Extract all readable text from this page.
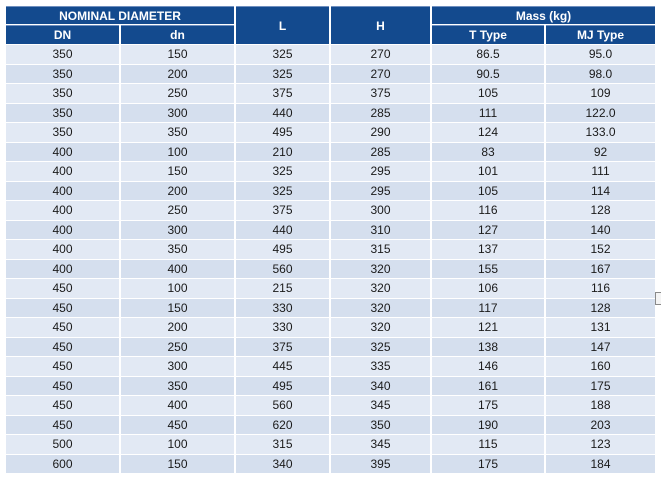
NOMINAL DIAMETER		L	H	Mass (kg)	
DN	dn			T Type	MJ Type
350	150	325	270	86.5	95.0
350	200	325	270	90.5	98.0
350	250	375	375	105	109
350	300	440	285	111	122.0
350	350	495	290	124	133.0
400	100	210	285	83	92
400	150	325	295	101	111
400	200	325	295	105	114
400	250	375	300	116	128
400	300	440	310	127	140
400	350	495	315	137	152
400	400	560	320	155	167
450	100	215	320	106	116
450	150	330	320	117	128
450	200	330	320	121	131
450	250	375	325	138	147
450	300	445	335	146	160
450	350	495	340	161	175
450	400	560	345	175	188
450	450	620	350	190	203
500	100	315	345	115	123
600	150	340	395	175	184
